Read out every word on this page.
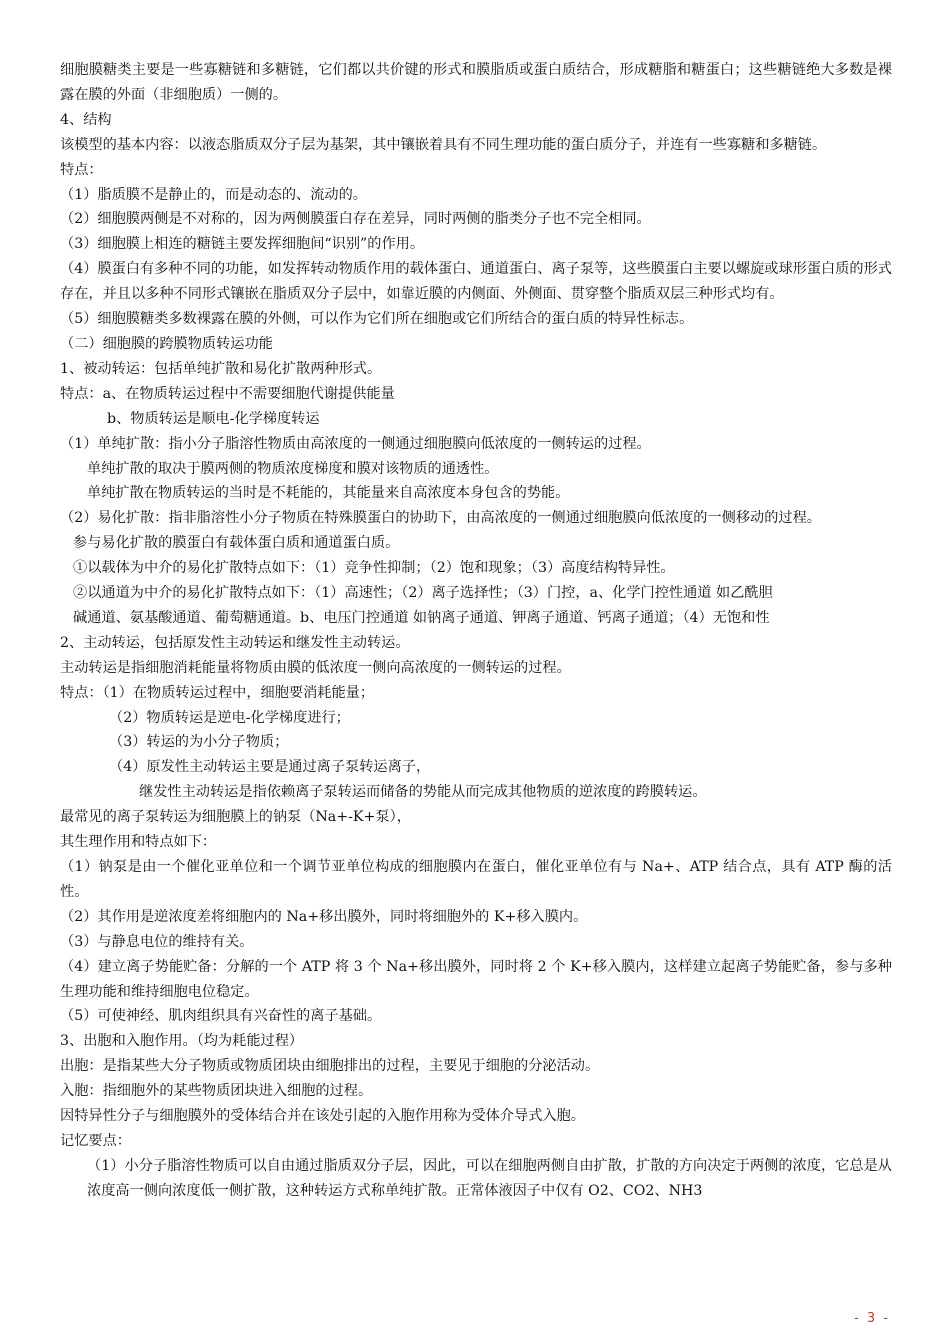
细胞膜糖类主要是一些寡糖链和多糖链，它们都以共价键的形式和膜脂质或蛋白质结合，形成糖脂和糖蛋白；这些糖链绝大多数是裸露在膜的外面（非细胞质）一侧的。

4、结构

该模型的基本内容：以液态脂质双分子层为基架，其中镶嵌着具有不同生理功能的蛋白质分子，并连有一些寡糖和多糖链。

特点：

（1）脂质膜不是静止的，而是动态的、流动的。

（2）细胞膜两侧是不对称的，因为两侧膜蛋白存在差异，同时两侧的脂类分子也不完全相同。

（3）细胞膜上相连的糖链主要发挥细胞间“识别”的作用。

（4）膜蛋白有多种不同的功能，如发挥转动物质作用的载体蛋白、通道蛋白、离子泵等，这些膜蛋白主要以螺旋或球形蛋白质的形式存在，并且以多种不同形式镶嵌在脂质双分子层中，如靠近膜的内侧面、外侧面、贯穿整个脂质双层三种形式均有。

（5）细胞膜糖类多数裸露在膜的外侧，可以作为它们所在细胞或它们所结合的蛋白质的特异性标志。

（二）细胞膜的跨膜物质转运功能

1、被动转运：包括单纯扩散和易化扩散两种形式。

特点：a、在物质转运过程中不需要细胞代谢提供能量

b、物质转运是顺电-化学梯度转运

（1）单纯扩散：指小分子脂溶性物质由高浓度的一侧通过细胞膜向低浓度的一侧转运的过程。

单纯扩散的取决于膜两侧的物质浓度梯度和膜对该物质的通透性。

单纯扩散在物质转运的当时是不耗能的，其能量来自高浓度本身包含的势能。

（2）易化扩散：指非脂溶性小分子物质在特殊膜蛋白的协助下，由高浓度的一侧通过细胞膜向低浓度的一侧移动的过程。

参与易化扩散的膜蛋白有载体蛋白质和通道蛋白质。

①以载体为中介的易化扩散特点如下：（1）竞争性抑制；（2）饱和现象；（3）高度结构特异性。

②以通道为中介的易化扩散特点如下：（1）高速性；（2）离子选择性；（3）门控，a、化学门控性通道 如乙酰胆

碱通道、氨基酸通道、葡萄糖通道。b、电压门控通道 如钠离子通道、钾离子通道、钙离子通道；（4）无饱和性

2、主动转运，包括原发性主动转运和继发性主动转运。

主动转运是指细胞消耗能量将物质由膜的低浓度一侧向高浓度的一侧转运的过程。

特点：（1）在物质转运过程中，细胞要消耗能量；

（2）物质转运是逆电-化学梯度进行；

（3）转运的为小分子物质；

（4）原发性主动转运主要是通过离子泵转运离子，

继发性主动转运是指依赖离子泵转运而储备的势能从而完成其他物质的逆浓度的跨膜转运。

最常见的离子泵转运为细胞膜上的钠泵（Na+-K+泵），

其生理作用和特点如下：

（1）钠泵是由一个催化亚单位和一个调节亚单位构成的细胞膜内在蛋白，催化亚单位有与 Na+、ATP 结合点，具有 ATP 酶的活性。

（2）其作用是逆浓度差将细胞内的 Na+移出膜外，同时将细胞外的 K+移入膜内。

（3）与静息电位的维持有关。

（4）建立离子势能贮备：分解的一个 ATP 将 3 个 Na+移出膜外，同时将 2 个 K+移入膜内，这样建立起离子势能贮备，参与多种生理功能和维持细胞电位稳定。

（5）可使神经、肌肉组织具有兴奋性的离子基础。

3、出胞和入胞作用。（均为耗能过程）

出胞：是指某些大分子物质或物质团块由细胞排出的过程，主要见于细胞的分泌活动。

入胞：指细胞外的某些物质团块进入细胞的过程。

因特异性分子与细胞膜外的受体结合并在该处引起的入胞作用称为受体介导式入胞。

记忆要点：

（1）小分子脂溶性物质可以自由通过脂质双分子层，因此，可以在细胞两侧自由扩散，扩散的方向决定于两侧的浓度，它总是从浓度高一侧向浓度低一侧扩散，这种转运方式称单纯扩散。正常体液因子中仅有 O2、CO2、NH3

- 3 -
